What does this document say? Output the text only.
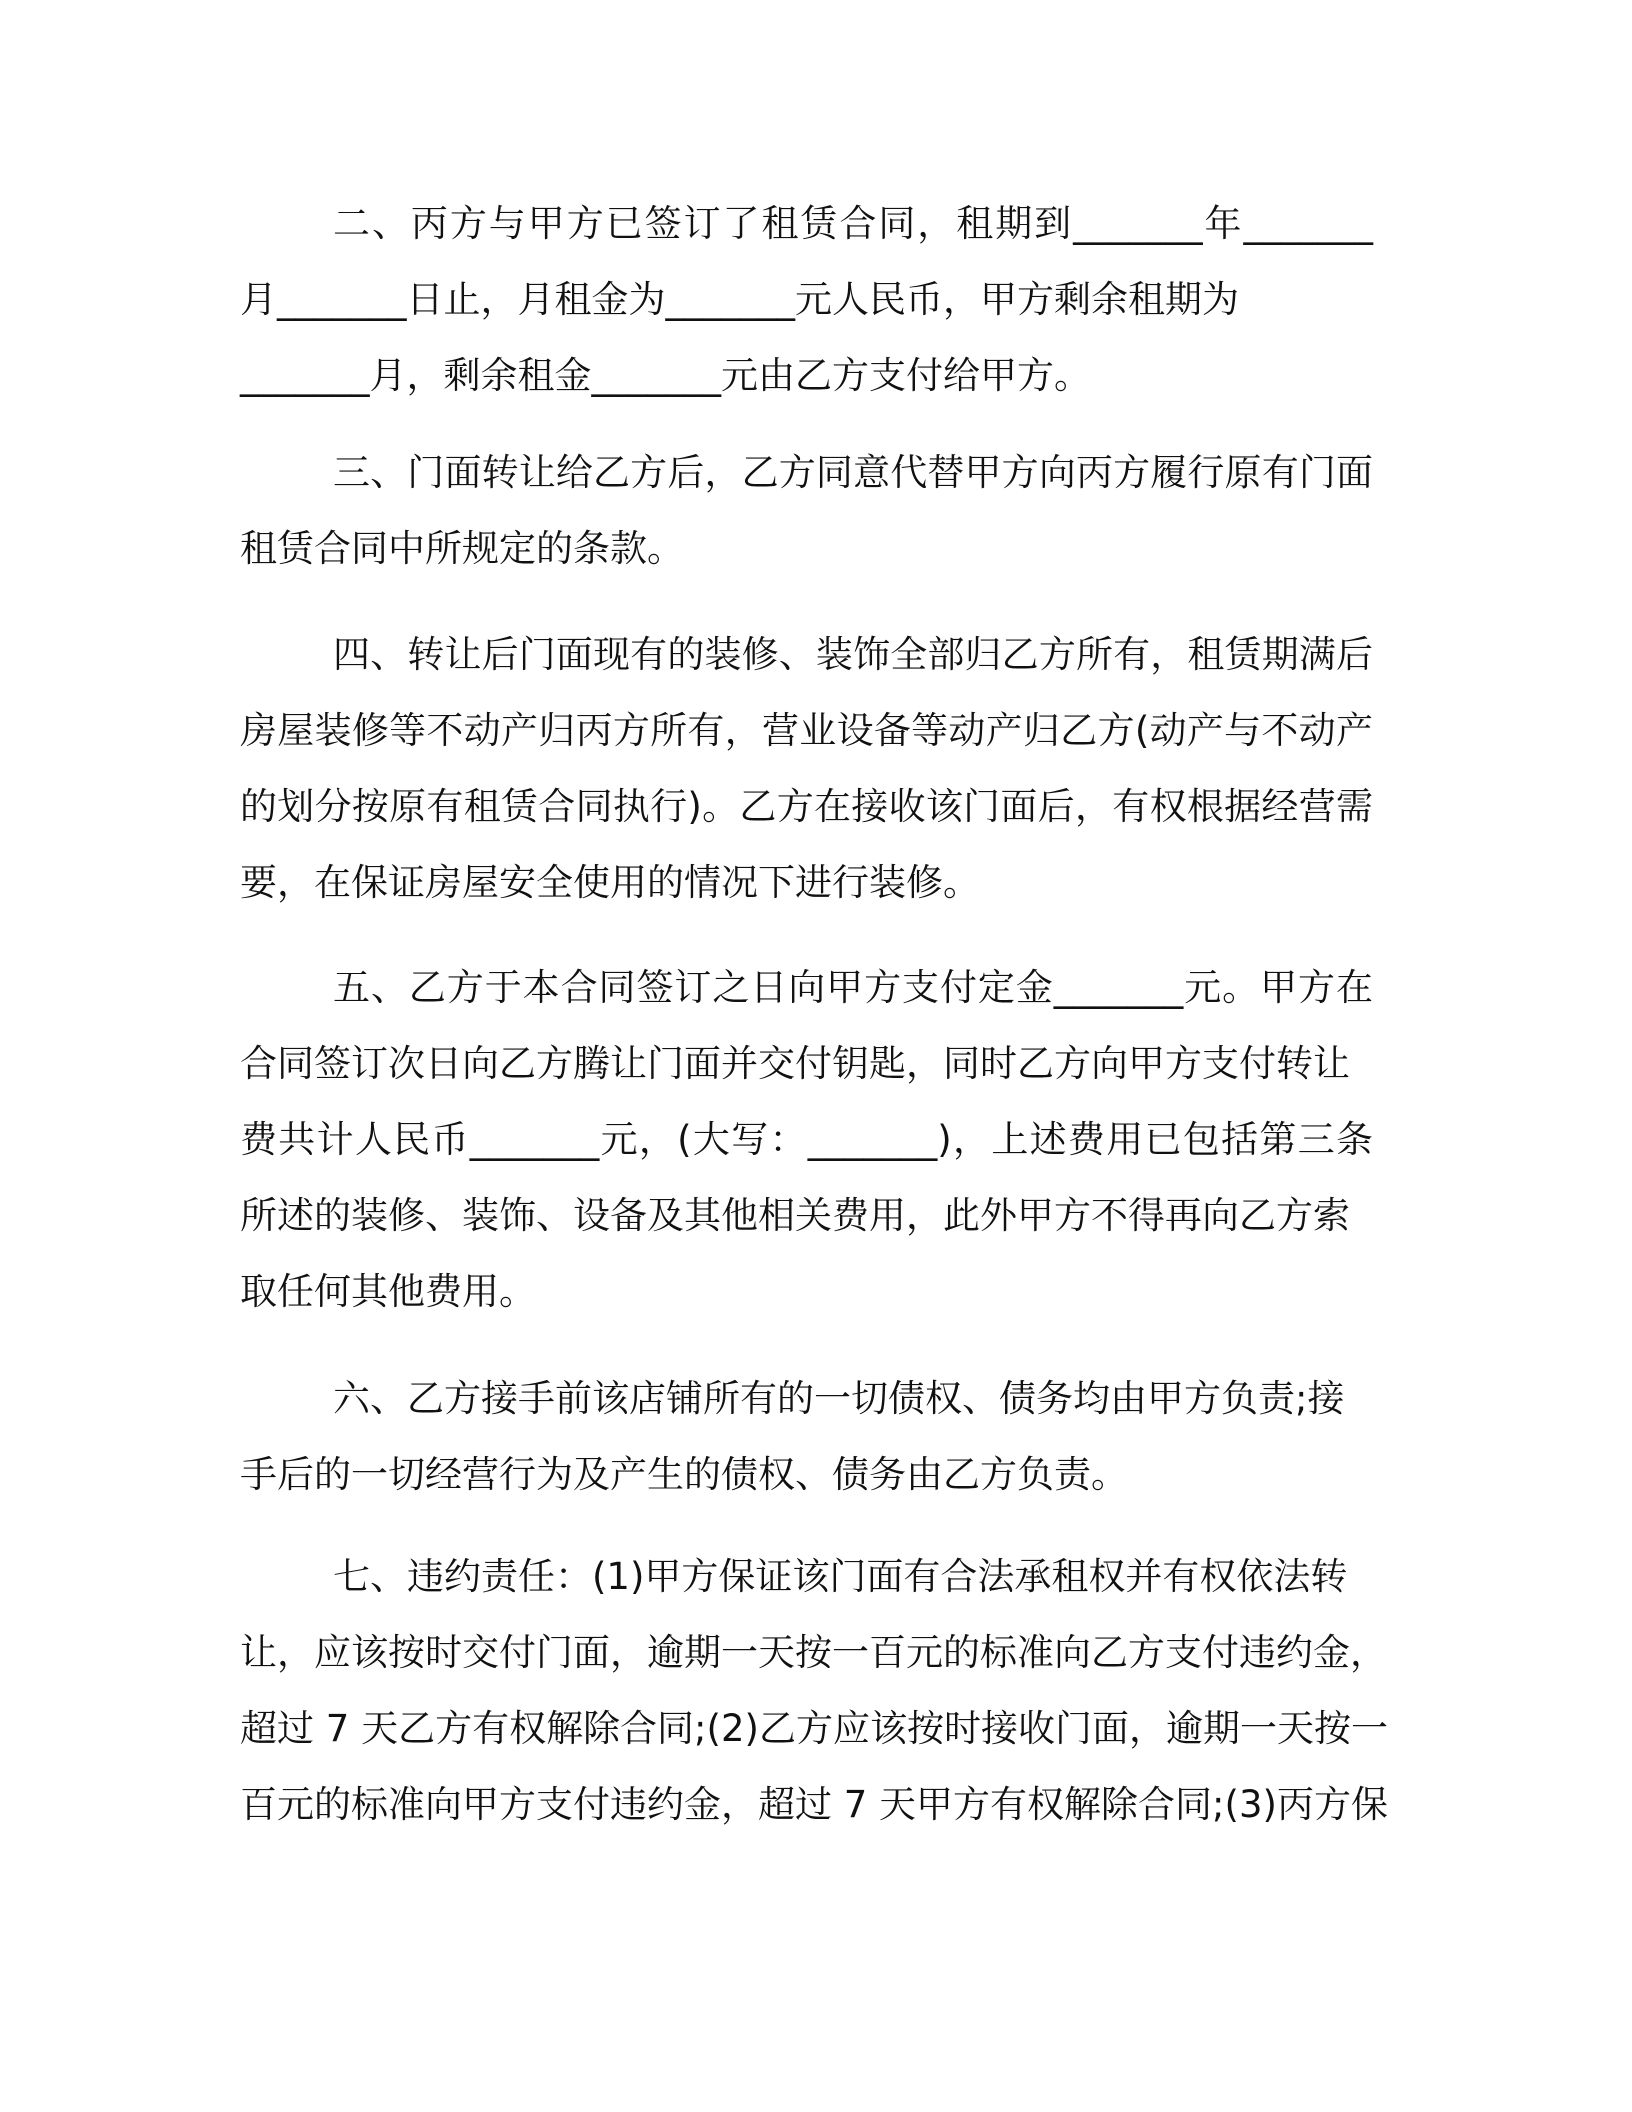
二、丙方与甲方已签订了租赁合同，租期到_______年_______
月_______日止，月租金为_______元人民币，甲方剩余租期为
_______月，剩余租金_______元由乙方支付给甲方。
三、门面转让给乙方后，乙方同意代替甲方向丙方履行原有门面
租赁合同中所规定的条款。
四、转让后门面现有的装修、装饰全部归乙方所有，租赁期满后
房屋装修等不动产归丙方所有，营业设备等动产归乙方(动产与不动产
的划分按原有租赁合同执行)。乙方在接收该门面后，有权根据经营需
要，在保证房屋安全使用的情况下进行装修。
五、乙方于本合同签订之日向甲方支付定金_______元。甲方在
合同签订次日向乙方腾让门面并交付钥匙，同时乙方向甲方支付转让
费共计人民币_______元，(大写：_______)，上述费用已包括第三条
所述的装修、装饰、设备及其他相关费用，此外甲方不得再向乙方索
取任何其他费用。
六、乙方接手前该店铺所有的一切债权、债务均由甲方负责;接
手后的一切经营行为及产生的债权、债务由乙方负责。
七、违约责任：(1)甲方保证该门面有合法承租权并有权依法转
让，应该按时交付门面，逾期一天按一百元的标准向乙方支付违约金，
超过 7 天乙方有权解除合同;(2)乙方应该按时接收门面，逾期一天按一
百元的标准向甲方支付违约金，超过 7 天甲方有权解除合同;(3)丙方保
